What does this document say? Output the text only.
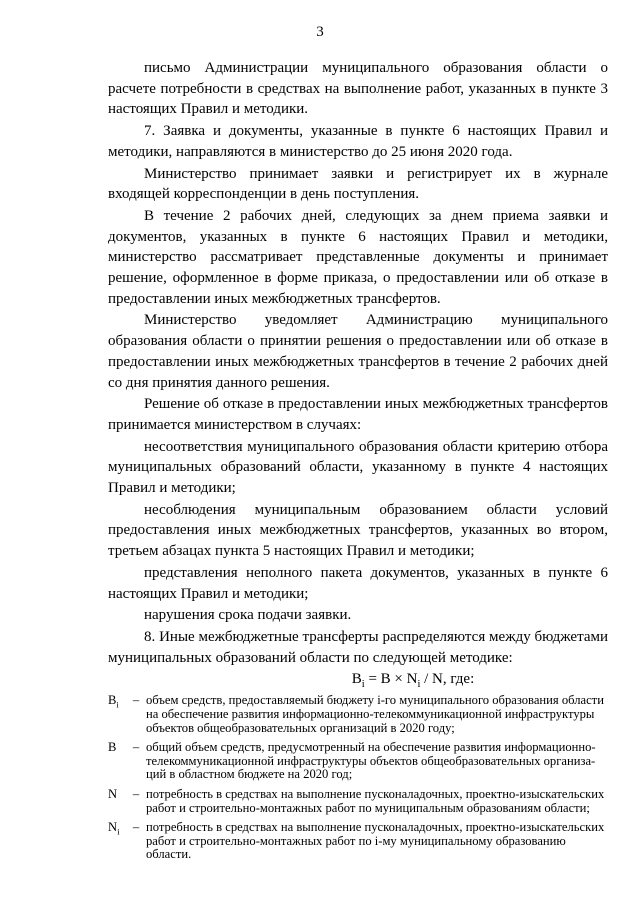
3

письмо Администрации муниципального образования области о расчете потребности в средствах на выполнение работ, указанных в пункте 3 настоящих Правил и методики.

7. Заявка и документы, указанные в пункте 6 настоящих Правил и методики, направляются в министерство до 25 июня 2020 года.

Министерство принимает заявки и регистрирует их в журнале входящей корреспонденции в день поступления.

В течение 2 рабочих дней, следующих за днем приема заявки и документов, указанных в пункте 6 настоящих Правил и методики, министерство рассматривает представленные документы и принимает решение, оформленное в форме приказа, о предоставлении или об отказе в предоставлении иных межбюджетных трансфертов.

Министерство уведомляет Администрацию муниципального образования области о принятии решения о предоставлении или об отказе в предоставлении иных межбюджетных трансфертов в течение 2 рабочих дней со дня принятия данного решения.

Решение об отказе в предоставлении иных межбюджетных трансфертов принимается министерством в случаях:

несоответствия муниципального образования области критерию отбора муниципальных образований области, указанному в пункте 4 настоящих Правил и методики;

несоблюдения муниципальным образованием области условий предоставления иных межбюджетных трансфертов, указанных во втором, третьем абзацах пункта 5 настоящих Правил и методики;

представления неполного пакета документов, указанных в пункте 6 настоящих Правил и методики;

нарушения срока подачи заявки.

8. Иные межбюджетные трансферты распределяются между бюджетами муниципальных образований области по следующей методике:

$B_i = B \times N_i / N$, где:

$B_i$	– объем средств, предоставляемый бюджету i-го муниципального образования области на обеспечение развития информационно-телекоммуникационной инфраструктуры объектов общеобразовательных организаций в 2020 году;
B	– общий объем средств, предусмотренный на обеспечение развития информационно-телекоммуникационной инфраструктуры объектов общеобразовательных организа-ций в областном бюджете на 2020 год;
N	– потребность в средствах на выполнение пусконаладочных, проектно-изыскательских работ и строительно-монтажных работ по муниципальным образованиям области;
$N_i$	– потребность в средствах на выполнение пусконаладочных, проектно-изыскательских работ и строительно-монтажных работ по i-му муниципальному образованию области.
